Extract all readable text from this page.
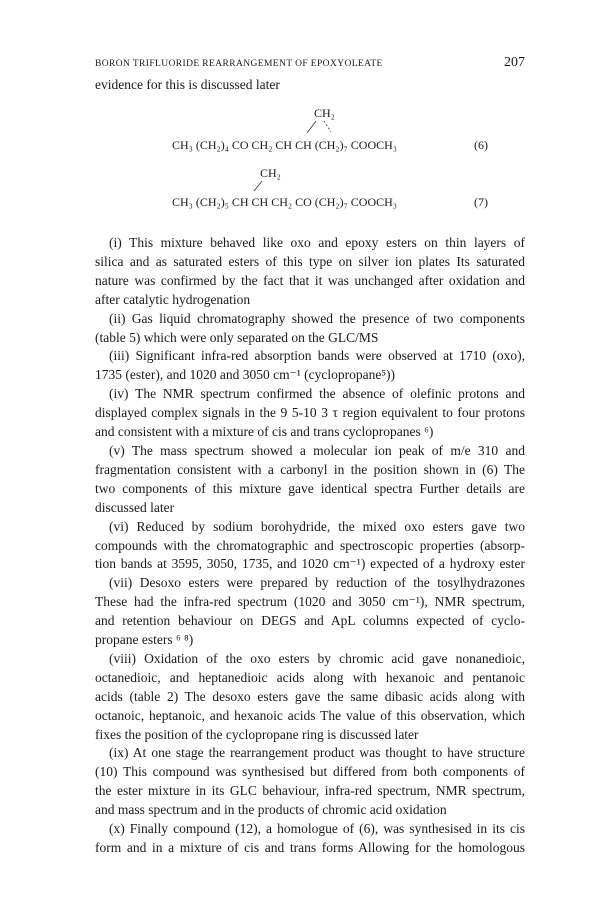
BORON TRIFLUORIDE REARRANGEMENT OF EPOXYOLEATE	207
evidence for this is discussed later
CH₂
CH₃ (CH₂)₄ CO CH₂ CH CH (CH₂)₇ COOCH₃	(6)
CH₂
CH₃ (CH₂)₅ CH CH CH₂ CO (CH₂)₇ COOCH₃	(7)
(i) This mixture behaved like oxo and epoxy esters on thin layers of
silica and as saturated esters of this type on silver ion plates Its saturated
nature was confirmed by the fact that it was unchanged after oxidation and
after catalytic hydrogenation
(ii) Gas liquid chromatography showed the presence of two components
(table 5) which were only separated on the GLC/MS
(iii) Significant infra-red absorption bands were observed at 1710 (oxo),
1735 (ester), and 1020 and 3050 cm⁻¹ (cyclopropane⁵))
(iv) The NMR spectrum confirmed the absence of olefinic protons and
displayed complex signals in the 9 5-10 3 τ region equivalent to four protons
and consistent with a mixture of cis and trans cyclopropanes ⁶)
(v) The mass spectrum showed a molecular ion peak of m/e 310 and
fragmentation consistent with a carbonyl in the position shown in (6) The
two components of this mixture gave identical spectra Further details are
discussed later
(vi) Reduced by sodium borohydride, the mixed oxo esters gave two
compounds with the chromatographic and spectroscopic properties (absorp-
tion bands at 3595, 3050, 1735, and 1020 cm⁻¹) expected of a hydroxy ester
(vii) Desoxo esters were prepared by reduction of the tosylhydrazones
These had the infra-red spectrum (1020 and 3050 cm⁻¹), NMR spectrum,
and retention behaviour on DEGS and ApL columns expected of cyclo-
propane esters ⁶ ⁸)
(viii) Oxidation of the oxo esters by chromic acid gave nonanedioic,
octanedioic, and heptanedioic acids along with hexanoic and pentanoic
acids (table 2) The desoxo esters gave the same dibasic acids along with
octanoic, heptanoic, and hexanoic acids The value of this observation, which
fixes the position of the cyclopropane ring is discussed later
(ix) At one stage the rearrangement product was thought to have structure
(10) This compound was synthesised but differed from both components of
the ester mixture in its GLC behaviour, infra-red spectrum, NMR spectrum,
and mass spectrum and in the products of chromic acid oxidation
(x) Finally compound (12), a homologue of (6), was synthesised in its cis
form and in a mixture of cis and trans forms Allowing for the homologous
